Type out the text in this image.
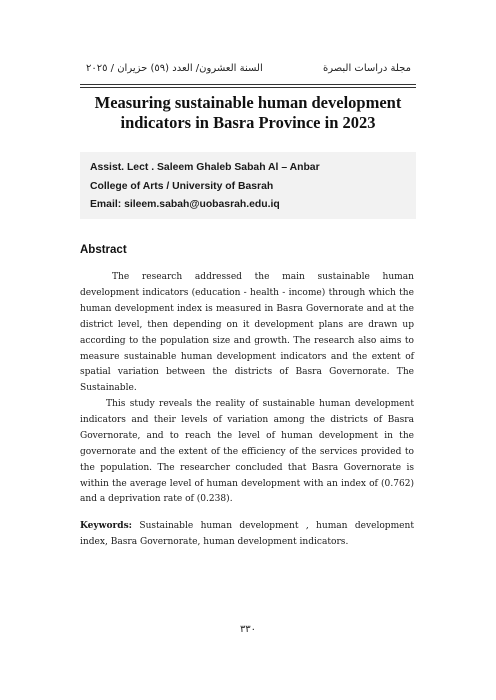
مجلة دراسات البصرة
السنة العشرون/ العدد (٥٩) حزيران / ٢٠٢٥
Measuring sustainable human development indicators in Basra Province in 2023
Assist. Lect . Saleem Ghaleb Sabah Al – Anbar
College of Arts / University of Basrah
Email: sileem.sabah@uobasrah.edu.iq
Abstract

The research addressed the main sustainable human development indicators (education - health - income) through which the human development index is measured in Basra Governorate and at the district level, then depending on it development plans are drawn up according to the population size and growth. The research also aims to measure sustainable human development indicators and the extent of spatial variation between the districts of Basra Governorate. The Sustainable.

This study reveals the reality of sustainable human development indicators and their levels of variation among the districts of Basra Governorate, and to reach the level of human development in the governorate and the extent of the efficiency of the services provided to the population. The researcher concluded that Basra Governorate is within the average level of human development with an index of (0.762) and a deprivation rate of (0.238).

Keywords: Sustainable human development , human development index, Basra Governorate, human development indicators.

٣٣٠
